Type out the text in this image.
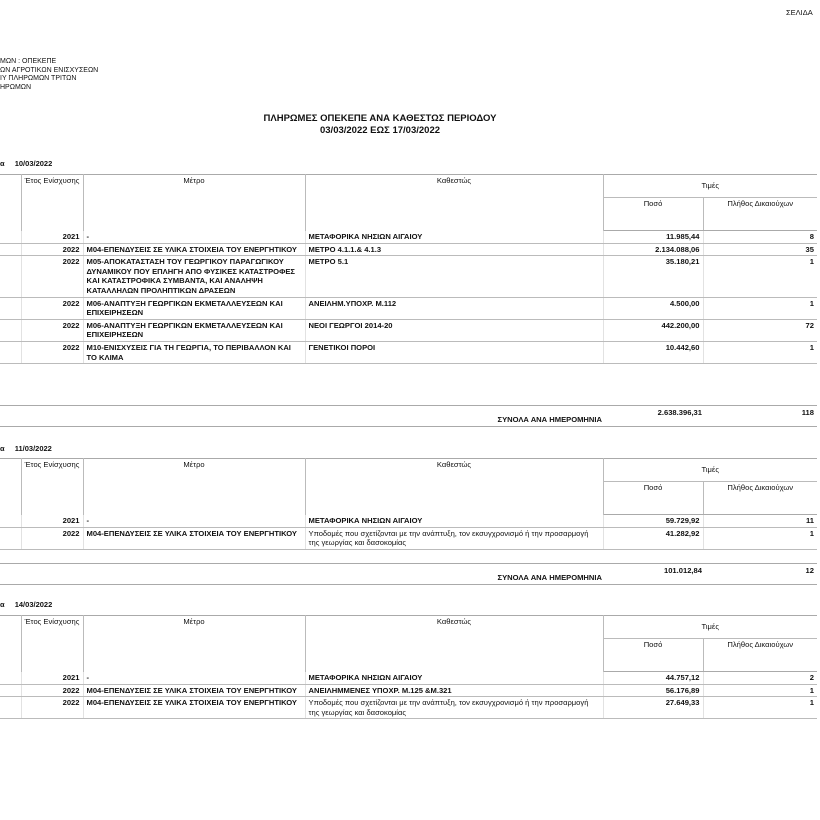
ΣΕΛΙΔΑ
ΜΩΝ : ΟΠΕΚΕΠΕ
ΩΝ ΑΓΡΟΤΙΚΩΝ ΕΝΙΣΧΥΣΕΩΝ
ΙΥ ΠΛΗΡΩΜΩΝ ΤΡΙΤΩΝ
ΗΡΩΜΩΝ
ΠΛΗΡΩΜΕΣ ΟΠΕΚΕΠΕ ΑΝΑ ΚΑΘΕΣΤΩΣ ΠΕΡΙΟΔΟΥ
03/03/2022 ΕΩΣ 17/03/2022
α 10/03/2022
	Έτος Ενίσχυσης	Μέτρο	Καθεστώς	Τιμές	
				Ποσό	Πλήθος Δικαιούχων
	2021	-	ΜΕΤΑΦΟΡΙΚΑ ΝΗΣΙΩΝ ΑΙΓΑΙΟΥ	11.985,44	8
	2022	Μ04-ΕΠΕΝΔΥΣΕΙΣ ΣΕ ΥΛΙΚΑ ΣΤΟΙΧΕΙΑ ΤΟΥ ΕΝΕΡΓΗΤΙΚΟΥ	ΜΕΤΡΟ 4.1.1.& 4.1.3	2.134.088,06	35
	2022	Μ05-ΑΠΟΚΑΤΑΣΤΑΣΗ ΤΟΥ ΓΕΩΡΓΙΚΟΥ ΠΑΡΑΓΩΓΙΚΟΥ ΔΥΝΑΜΙΚΟΥ ΠΟΥ ΕΠΛΗΓΗ ΑΠΟ ΦΥΣΙΚΕΣ ΚΑΤΑΣΤΡΟΦΕΣ ΚΑΙ ΚΑΤΑΣΤΡΟΦΙΚΑ ΣΥΜΒΑΝΤΑ, ΚΑΙ ΑΝΑΛΗΨΗ ΚΑΤΑΛΛΗΛΩΝ ΠΡΟΛΗΠΤΙΚΩΝ ΔΡΑΣΕΩΝ	ΜΕΤΡΟ 5.1	35.180,21	1
	2022	Μ06-ΑΝΑΠΤΥΞΗ ΓΕΩΡΓΙΚΩΝ ΕΚΜΕΤΑΛΛΕΥΣΕΩΝ ΚΑΙ ΕΠΙΧΕΙΡΗΣΕΩΝ	ΑΝΕΙΛΗΜ.ΥΠΟΧΡ. Μ.112	4.500,00	1
	2022	Μ06-ΑΝΑΠΤΥΞΗ ΓΕΩΡΓΙΚΩΝ ΕΚΜΕΤΑΛΛΕΥΣΕΩΝ ΚΑΙ ΕΠΙΧΕΙΡΗΣΕΩΝ	ΝΕΟΙ ΓΕΩΡΓΟΙ 2014-20	442.200,00	72
	2022	Μ10-ΕΝΙΣΧΥΣΕΙΣ ΓΙΑ ΤΗ ΓΕΩΡΓΙΑ, ΤΟ ΠΕΡΙΒΑΛΛΟΝ ΚΑΙ ΤΟ ΚΛΙΜΑ	ΓΕΝΕΤΙΚΟΙ ΠΟΡΟΙ	10.442,60	1
ΣΥΝΟΛΑ ΑΝΑ ΗΜΕΡΟΜΗΝΙΑ	2.638.396,31	118
α 11/03/2022
	Έτος Ενίσχυσης	Μέτρο	Καθεστώς	Τιμές	
				Ποσό	Πλήθος Δικαιούχων
	2021	-	ΜΕΤΑΦΟΡΙΚΑ ΝΗΣΙΩΝ ΑΙΓΑΙΟΥ	59.729,92	11
	2022	Μ04-ΕΠΕΝΔΥΣΕΙΣ ΣΕ ΥΛΙΚΑ ΣΤΟΙΧΕΙΑ ΤΟΥ ΕΝΕΡΓΗΤΙΚΟΥ	Υποδομές που σχετίζονται με την ανάπτυξη, τον εκσυγχρονισμό ή την προσαρμογή της γεωργίας και δασοκομίας	41.282,92	1
ΣΥΝΟΛΑ ΑΝΑ ΗΜΕΡΟΜΗΝΙΑ	101.012,84	12
α 14/03/2022
	Έτος Ενίσχυσης	Μέτρο	Καθεστώς	Τιμές	
				Ποσό	Πλήθος Δικαιούχων
	2021	-	ΜΕΤΑΦΟΡΙΚΑ ΝΗΣΙΩΝ ΑΙΓΑΙΟΥ	44.757,12	2
	2022	Μ04-ΕΠΕΝΔΥΣΕΙΣ ΣΕ ΥΛΙΚΑ ΣΤΟΙΧΕΙΑ ΤΟΥ ΕΝΕΡΓΗΤΙΚΟΥ	ΑΝΕΙΛΗΜΜΕΝΕΣ ΥΠΟΧΡ. Μ.125 &Μ.321	56.176,89	1
	2022	Μ04-ΕΠΕΝΔΥΣΕΙΣ ΣΕ ΥΛΙΚΑ ΣΤΟΙΧΕΙΑ ΤΟΥ ΕΝΕΡΓΗΤΙΚΟΥ	Υποδομές που σχετίζονται με την ανάπτυξη, τον εκσυγχρονισμό ή την προσαρμογή της γεωργίας και δασοκομίας	27.649,33	1
